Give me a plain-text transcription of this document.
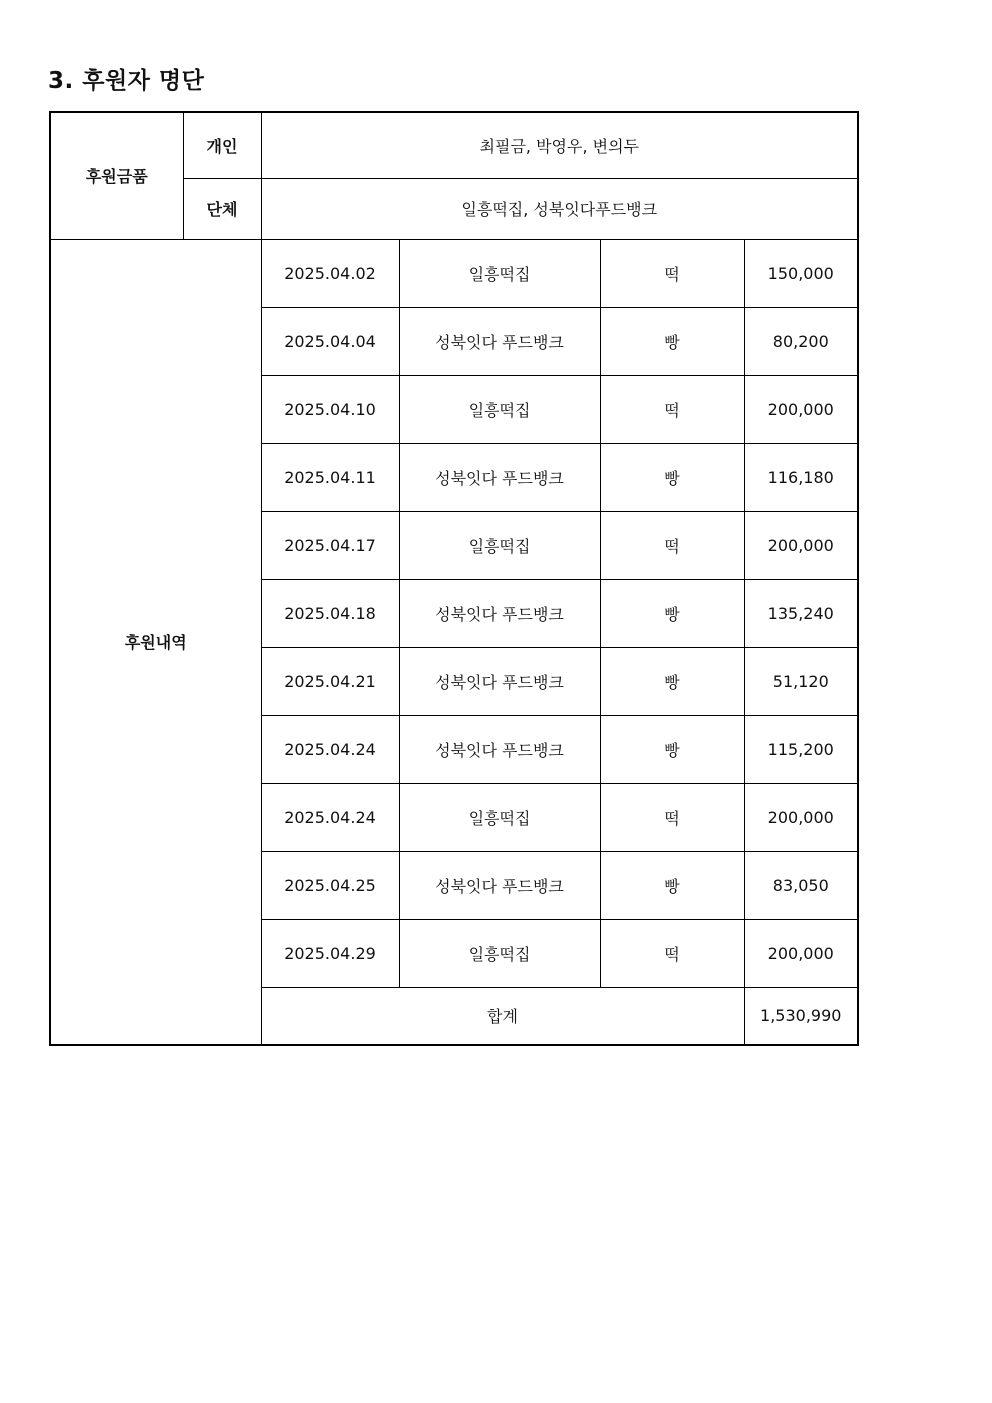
3. 후원자 명단
후원금품	개인	최필금, 박영우, 변의두			
	단체	일흥떡집, 성북잇다푸드뱅크			
후원내역		2025.04.02	일흥떡집	떡	150,000
		2025.04.04	성북잇다 푸드뱅크	빵	80,200
		2025.04.10	일흥떡집	떡	200,000
		2025.04.11	성북잇다 푸드뱅크	빵	116,180
		2025.04.17	일흥떡집	떡	200,000
		2025.04.18	성북잇다 푸드뱅크	빵	135,240
		2025.04.21	성북잇다 푸드뱅크	빵	51,120
		2025.04.24	성북잇다 푸드뱅크	빵	115,200
		2025.04.24	일흥떡집	떡	200,000
		2025.04.25	성북잇다 푸드뱅크	빵	83,050
		2025.04.29	일흥떡집	떡	200,000
		합계			1,530,990
